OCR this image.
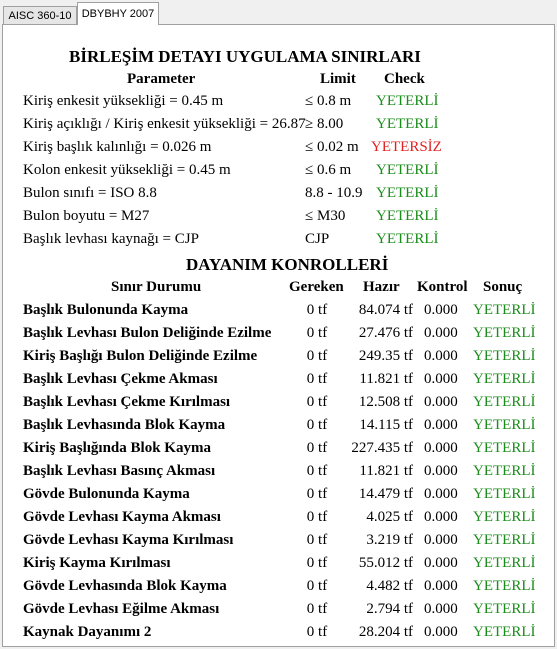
AISC 360-10 DBYBHY 2007
BİRLEŞİM DETAYI UYGULAMA SINIRLARI
Parameter	Limit Check
Kiriş enkesit yüksekliği = 0.45 m	≤ 0.8 m YETERLİ
Kiriş açıklığı / Kiriş enkesit yüksekliği = 26.87 ≥ 8.00 YETERLİ
Kiriş başlık kalınlığı = 0.026 m	≤ 0.02 m YETERSİZ
Kolon enkesit yüksekliği = 0.45 m	≤ 0.6 m YETERLİ
Bulon sınıfı = ISO 8.8	8.8 - 10.9 YETERLİ
Bulon boyutu = M27	≤ M30 YETERLİ
Başlık levhası kaynağı = CJP	CJP	YETERLİ
DAYANIM KONROLLERİ
Sınır Durumu	Gereken Hazır Kontrol Sonuç
Başlık Bulonunda Kayma	0 tf	84.074 tf 0.000 YETERLİ
Başlık Levhası Bulon Deliğinde Ezilme	0 tf	27.476 tf 0.000 YETERLİ
Kiriş Başlığı Bulon Deliğinde Ezilme	0 tf	249.35 tf 0.000 YETERLİ
Başlık Levhası Çekme Akması	0 tf	11.821 tf 0.000 YETERLİ
Başlık Levhası Çekme Kırılması	0 tf	12.508 tf 0.000 YETERLİ
Başlık Levhasında Blok Kayma	0 tf	14.115 tf 0.000 YETERLİ
Kiriş Başlığında Blok Kayma	0 tf	227.435 tf 0.000 YETERLİ
Başlık Levhası Basınç Akması	0 tf	11.821 tf 0.000 YETERLİ
Gövde Bulonunda Kayma	0 tf	14.479 tf 0.000 YETERLİ
Gövde Levhası Kayma Akması	0 tf	4.025 tf 0.000 YETERLİ
Gövde Levhası Kayma Kırılması	0 tf	3.219 tf 0.000 YETERLİ
Kiriş Kayma Kırılması	0 tf	55.012 tf 0.000 YETERLİ
Gövde Levhasında Blok Kayma	0 tf	4.482 tf 0.000 YETERLİ
Gövde Levhası Eğilme Akması	0 tf	2.794 tf 0.000 YETERLİ
Kaynak Dayanımı 2	0 tf	28.204 tf 0.000 YETERLİ
